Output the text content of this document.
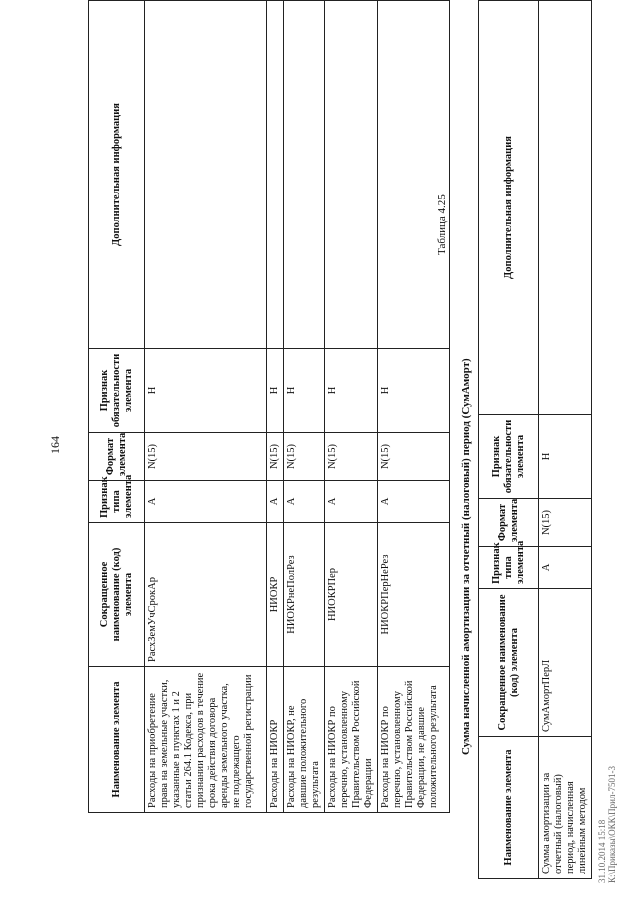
164
Наименование элемента	Сокращенное наименование (код) элемента	Признак типа элемента	Формат элемента	Признак обязательности элемента	Дополнительная информация
Расходы на приобретение права на земельные участки, указанные в пунктах 1 и 2 статьи 264.1 Кодекса, при признании расходов в течение срока действия договора аренды земельного участка, не подлежащего государственной регистрации	РасхЗемУчСрокАр	А	N(15)	Н	
Расходы на НИОКР	НИОКР	А	N(15)	Н	
Расходы на НИОКР, не давшие положительного результата	НИОКРнеПолРез	А	N(15)	Н	
Расходы на НИОКР по перечню, установленному Правительством Российской Федерации	НИОКРПер	А	N(15)	Н	
Расходы на НИОКР по перечню, установленному Правительством Российской Федерации, не давшие положительного результата	НИОКРПерНеРез	А	N(15)	Н	
Таблица 4.25
Сумма начисленной амортизации за отчетный (налоговый) период (СумАморт)
Наименование элемента	Сокращенное наименование (код) элемента	Признак типа элемента	Формат элемента	Признак обязательности элемента	Дополнительная информация
Сумма амортизации за отчетный (налоговый) период, начисленная линейным методом	СумАмортПерЛ	А	N(15)	Н	
31.10.2014 15:18 К:\Приказы\ОКК\Прил-7501-3
